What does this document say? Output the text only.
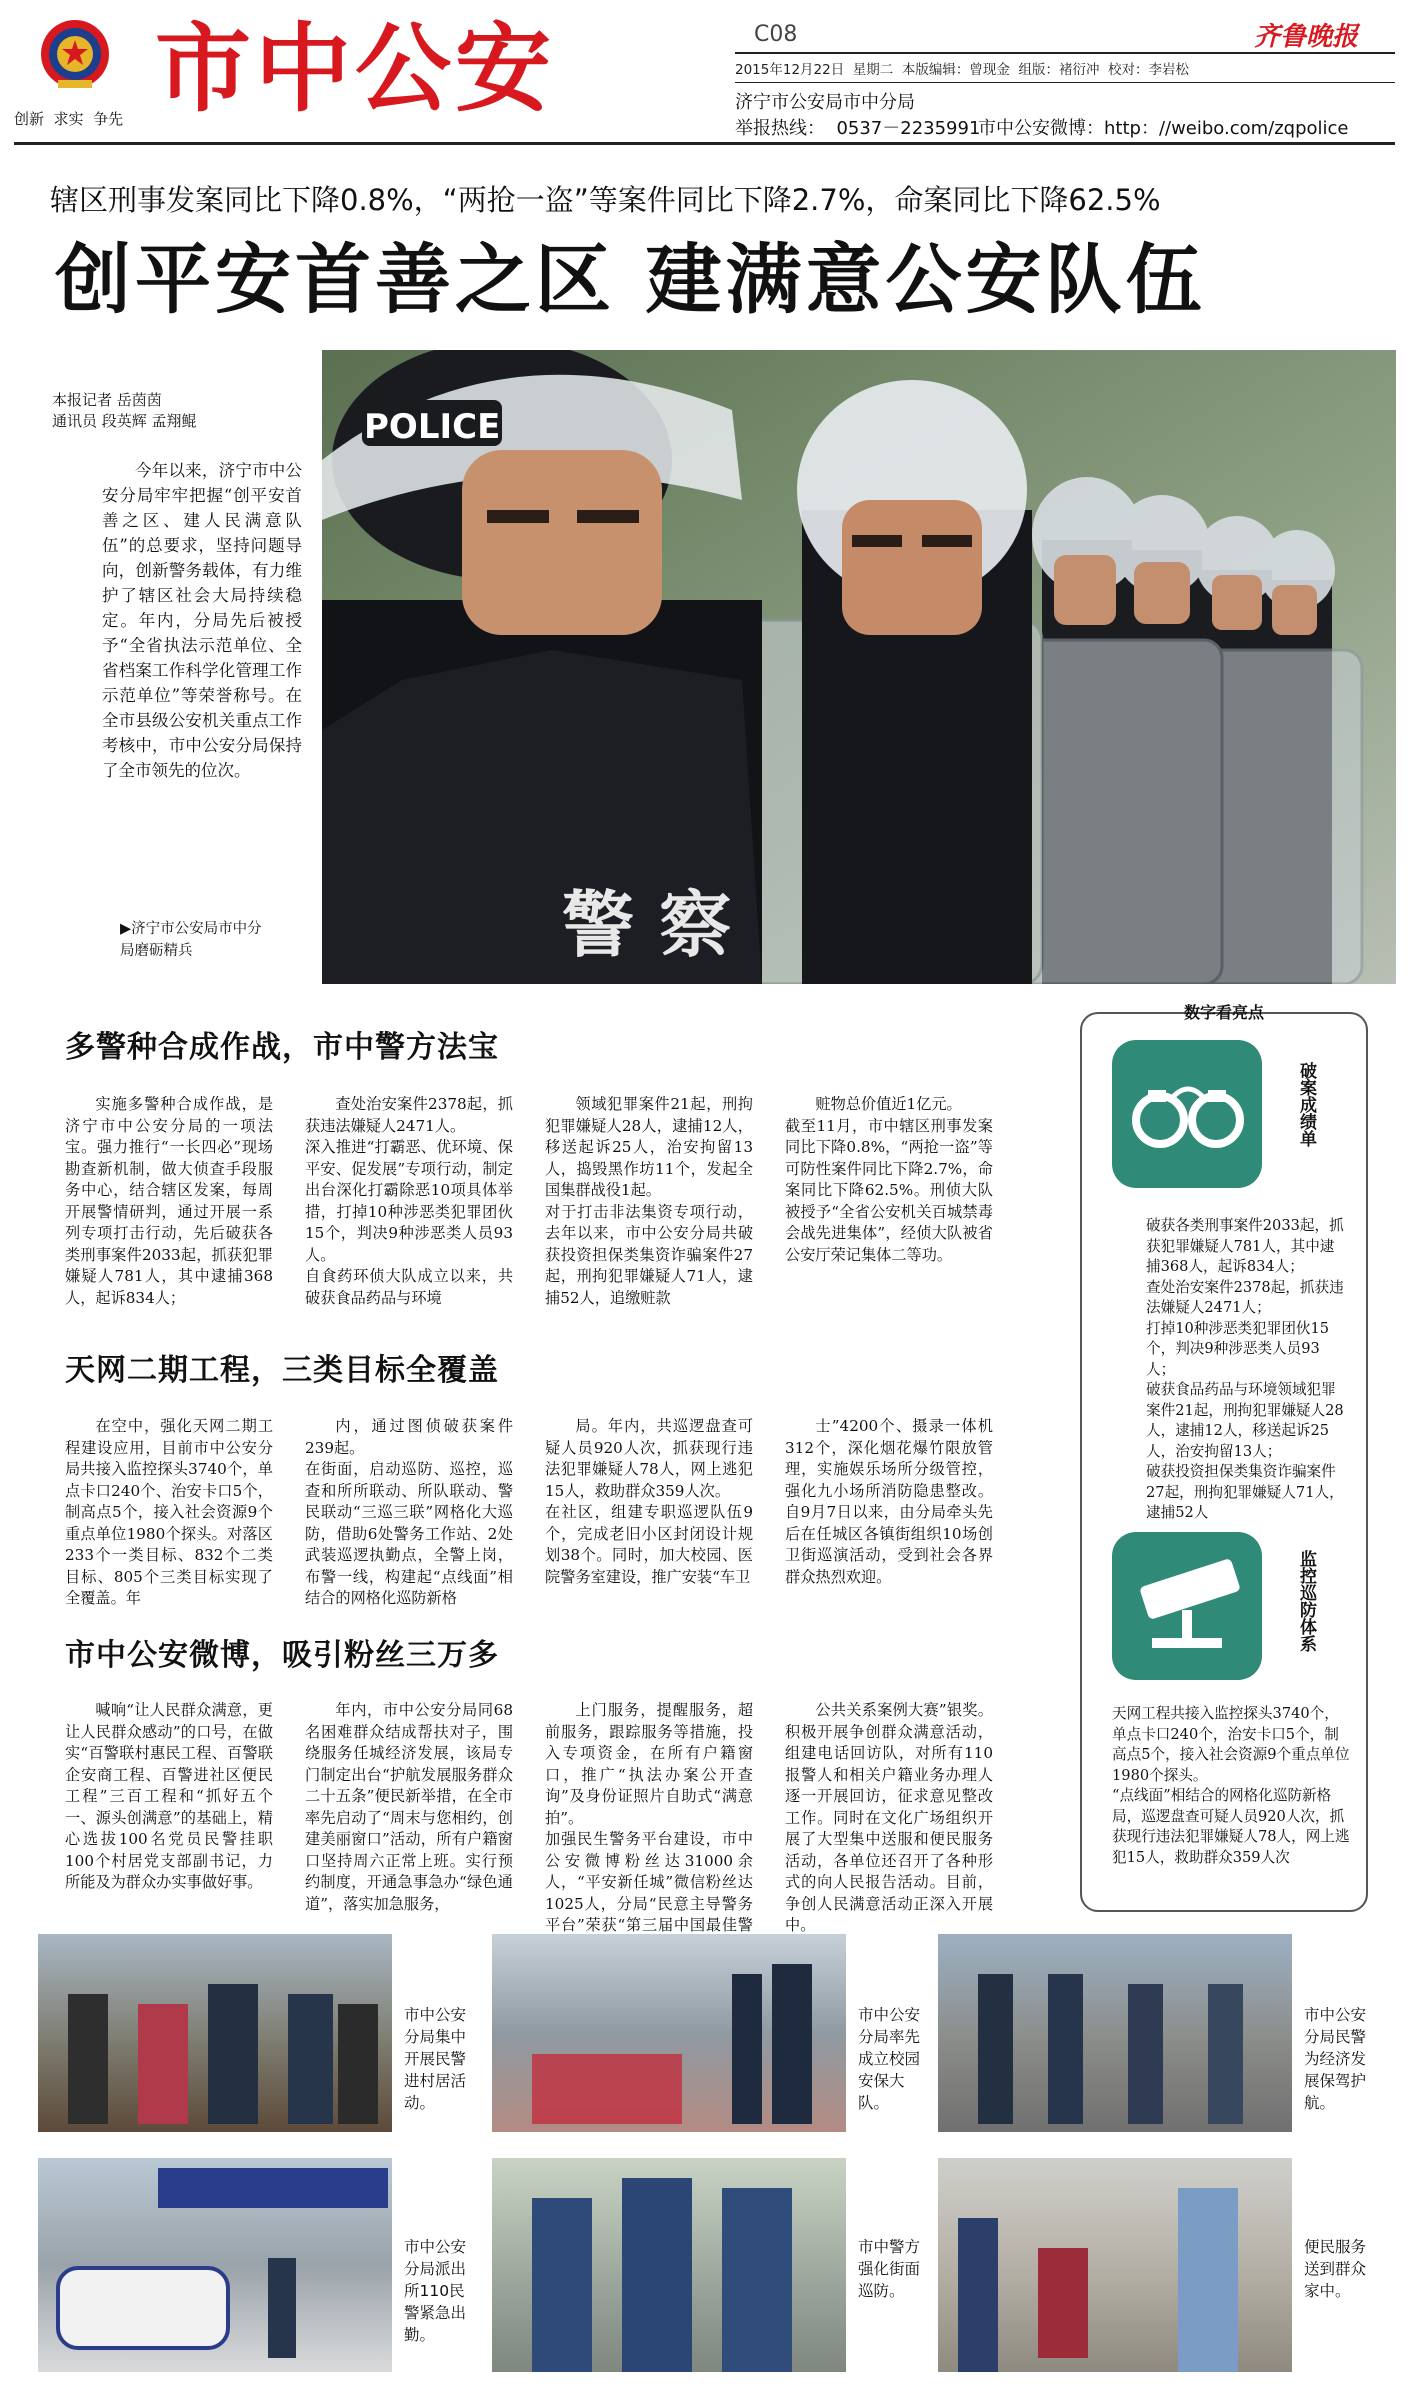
创新  求实  争先 市中公安	C08	齐鲁晚报
2015年12月22日  星期二  本版编辑：曾现金  组版：褚衍冲  校对：李岩松
济宁市公安局市中分局
举报热线：  0537－2235991
市中公安微博：http：//weibo.com/zqpolice
辖区刑事发案同比下降0.8%，“两抢一盗”等案件同比下降2.7%，命案同比下降62.5%
创平安首善之区 建满意公安队伍
本报记者 岳茵茵
通讯员 段英辉 孟翔鲲
今年以来，济宁市中公安分局牢牢把握“创平安首善之区、建人民满意队伍”的总要求，坚持问题导向，创新警务载体，有力维护了辖区社会大局持续稳定。年内，分局先后被授予“全省执法示范单位、全省档案工作科学化管理工作示范单位”等荣誉称号。在全市县级公安机关重点工作考核中，市中公安分局保持了全市领先的位次。
▶济宁市公安局市中分局磨砺精兵
POLICE
警 察
多警种合成作战，市中警方法宝
实施多警种合成作战，是济宁市中公安分局的一项法宝。强力推行“一长四必”现场勘查新机制，做大侦查手段服务中心，结合辖区发案，每周开展警情研判，通过开展一系列专项打击行动，先后破获各类刑事案件2033起，抓获犯罪嫌疑人781人，其中逮捕368人，起诉834人；
查处治安案件2378起，抓获违法嫌疑人2471人。
深入推进“打霸恶、优环境、保平安、促发展”专项行动，制定出台深化打霸除恶10项具体举措，打掉10种涉恶类犯罪团伙15个，判决9种涉恶类人员93人。
自食药环侦大队成立以来，共破获食品药品与环境
领域犯罪案件21起，刑拘犯罪嫌疑人28人，逮捕12人，移送起诉25人，治安拘留13人，捣毁黑作坊11个，发起全国集群战役1起。
对于打击非法集资专项行动，去年以来，市中公安分局共破获投资担保类集资诈骗案件27起，刑拘犯罪嫌疑人71人，逮捕52人，追缴赃款
赃物总价值近1亿元。
截至11月，市中辖区刑事发案同比下降0.8%，“两抢一盗”等可防性案件同比下降2.7%，命案同比下降62.5%。刑侦大队被授予“全省公安机关百城禁毒会战先进集体”，经侦大队被省公安厅荣记集体二等功。
天网二期工程，三类目标全覆盖
在空中，强化天网二期工程建设应用，目前市中公安分局共接入监控探头3740个，单点卡口240个、治安卡口5个，制高点5个，接入社会资源9个重点单位1980个探头。对落区233个一类目标、832个二类目标、805个三类目标实现了全覆盖。年
内，通过图侦破获案件239起。
在街面，启动巡防、巡控，巡查和所所联动、所队联动、警民联动“三巡三联”网格化大巡防，借助6处警务工作站、2处武装巡逻执勤点，全警上岗，布警一线，构建起“点线面”相结合的网格化巡防新格
局。年内，共巡逻盘查可疑人员920人次，抓获现行违法犯罪嫌疑人78人，网上逃犯15人，救助群众359人次。
在社区，组建专职巡逻队伍9个，完成老旧小区封闭设计规划38个。同时，加大校园、医院警务室建设，推广安装“车卫
士”4200个、摄录一体机312个，深化烟花爆竹限放管理，实施娱乐场所分级管控，强化九小场所消防隐患整改。自9月7日以来，由分局牵头先后在任城区各镇街组织10场创卫街巡演活动，受到社会各界群众热烈欢迎。
市中公安微博，吸引粉丝三万多
喊响“让人民群众满意，更让人民群众感动”的口号，在做实“百警联村惠民工程、百警联企安商工程、百警进社区便民工程”三百工程和“抓好五个一、源头创满意”的基础上，精心选拔100名党员民警挂职100个村居党支部副书记，力所能及为群众办实事做好事。
年内，市中公安分局同68名困难群众结成帮扶对子，围绕服务任城经济发展，该局专门制定出台“护航发展服务群众二十五条”便民新举措，在全市率先启动了“周末与您相约，创建美丽窗口”活动，所有户籍窗口坚持周六正常上班。实行预约制度，开通急事急办“绿色通道”，落实加急服务，
上门服务，提醒服务，超前服务，跟踪服务等措施，投入专项资金，在所有户籍窗口，推广“执法办案公开查询”及身份证照片自助式“满意拍”。
加强民生警务平台建设，市中公安微博粉丝达31000余人，“平安新任城”微信粉丝达1025人，分局“民意主导警务平台”荣获“第三届中国最佳警
公共关系案例大赛”银奖。积极开展争创群众满意活动，组建电话回访队，对所有110报警人和相关户籍业务办理人逐一开展回访，征求意见整改工作。同时在文化广场组织开展了大型集中送服和便民服务活动，各单位还召开了各种形式的向人民报告活动。目前，争创人民满意活动正深入开展中。
数字看亮点
破案成绩单
破获各类刑事案件2033起，抓获犯罪嫌疑人781人，其中逮捕368人，起诉834人；
查处治安案件2378起，抓获违法嫌疑人2471人；
打掉10种涉恶类犯罪团伙15个，判决9种涉恶类人员93人；
破获食品药品与环境领域犯罪案件21起，刑拘犯罪嫌疑人28人，逮捕12人，移送起诉25人，治安拘留13人；
破获投资担保类集资诈骗案件27起，刑拘犯罪嫌疑人71人，逮捕52人
监控巡防体系
天网工程共接入监控探头3740个，单点卡口240个，治安卡口5个，制高点5个，接入社会资源9个重点单位1980个探头。
“点线面”相结合的网格化巡防新格局，巡逻盘查可疑人员920人次，抓获现行违法犯罪嫌疑人78人，网上逃犯15人，救助群众359人次
市中公安分局集中开展民警进村居活动。
市中公安分局率先成立校园安保大队。
市中公安分局民警为经济发展保驾护航。
市中公安分局派出所110民警紧急出勤。
市中警方强化街面巡防。
便民服务送到群众家中。
